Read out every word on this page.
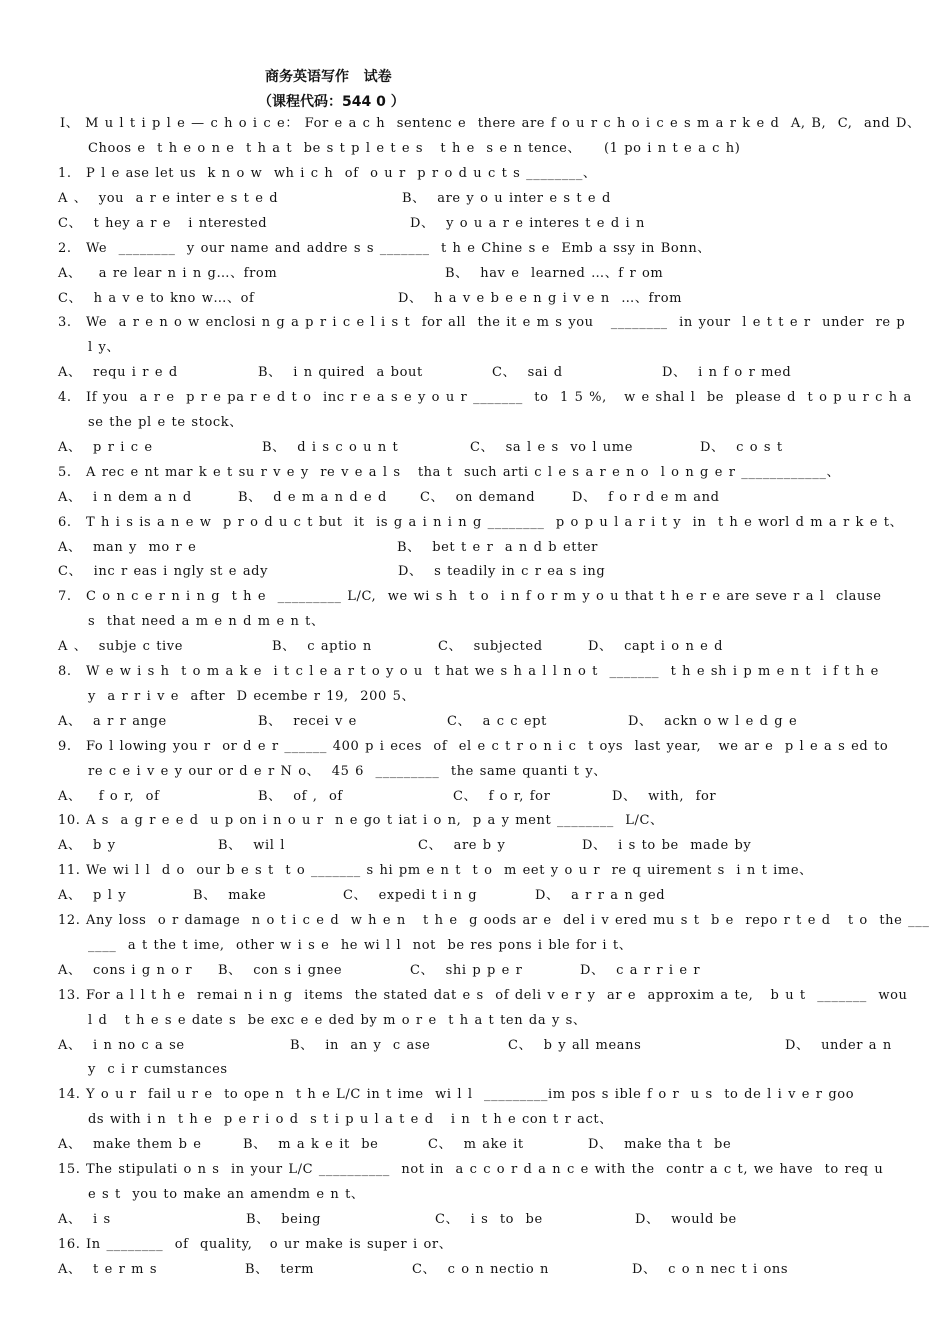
商务英语写作   试卷
（课程代码：544 0 ）
I、 M u l t i p l e — c h o i c e： For e a c h  sentenc e  there are f o u r c h o i c e s m a r k e d  A, B,  C,  and D、
Choos e  t h e o n e  t h a t  be s t p l e t e s   t h e  s e n tence、    (1 po i n t e a c h)
P l e ase let us  k n o w  wh i c h  of  o u r  p r o d u c t s ________、
1.
A 、  you  a r e inter e s t e d	B、  are y o u inter e s t e d
C、  t hey a r e   i nterested	D、  y o u a r e interes t e d i n
We  ________  y our name and addre s s _______  t h e Chine s e  Emb a ssy in Bonn、
2.
A、   a re lear n i n g…、from	B、  hav e  learned …、f r om
C、  h a v e to kno w…、of	D、  h a v e b e e n g i v e n  …、from
We  a r e n o w enclosi n g a p r i c e l i s t  for all  the it e m s you   ________  in your  l e t t e r  under  re p
3.
l y、
A、  requ i r e d	B、  i n quired  a bout	C、  sai d	D、  i n f o r med
If you  a r e  p r e pa r e d t o  inc r e a s e y o u r _______  to  1 5 %,   w e shal l  be  please d  t o p u r c h a
4.
se the pl e te stock、
A、  p r i c e	B、  d i s c o u n t	C、  sa l e s  vo l ume	D、  c o s t
A rec e nt mar k e t su r v e y  re v e a l s   tha t  such arti c l e s a r e n o  l o n g e r ____________、
5.
A、  i n dem a n d	B、  d e m a n d e d	C、  on demand	D、  f o r d e m and
T h i s is a n e w  p r o d u c t but  it  is g a i n i n g ________  p o p u l a r i t y  in  t h e worl d m a r k e t、
6.
A、  man y  mo r e	B、  bet t e r  a n d b etter
C、  inc r eas i ngly st e ady	D、  s teadily in c r ea s ing
C o n c e r n i n g  t h e  _________ L/C,  we wi s h  t o  i n f o r m y o u that t h e r e are seve r a l  clause
7.
s  that need a m e n d m e n t、
A 、  subje c tive	B、  c aptio n	C、  subjected	D、  capt i o n e d
W e w i s h  t o m a k e  i t c l e a r t o y o u  t hat we s h a l l n o t  _______  t h e sh i p m e n t  i f t h e
8.
y  a r r i v e  after  D ecembe r 19,  200 5、
A、  a r r ange	B、  recei v e	C、  a c c ept	D、  ackn o w l e d g e
Fo l lowing you r  or d e r ______ 400 p i eces  of  el e c t r o n i c  t oys  last year,   we ar e  p l e a s ed to
9.
re c e i v e y our or d e r N o、  45 6  _________  the same quanti t y、
A、   f o r,  of	B、  of ,  of	C、  f o r, for	D、  with,  for
A s  a g r e e d  u p on i n o u r  n e go t iat i o n,  p a y ment ________  L/C、
10.
A、  b y	B、  wil l	C、  are b y	D、  i s to be  made by
We wi l l  d o  our b e s t  t o _______ s hi pm e n t  t o  m eet y o u r  re q uirement s  i n t ime、
11.
A、  p l y	B、  make	C、  expedi t i n g	D、  a r r a n ged
Any loss  o r damage  n o t i c e d  w h e n   t h e  g oods ar e  del i v ered mu s t  b e  repo r t e d   t o  the ___
12.
____  a t the t ime,  other w i s e  he wi l l  not  be res pons i ble for i t、
A、  cons i g n o r B、  con s i gnee	C、  shi p p e r	D、  c a r r i e r
For a l l t h e  remai n i n g  items  the stated dat e s  of deli v e r y  ar e  approxim a te,   b u t  _______  wou
13.
l d   t h e s e date s  be exc e e ded by m o r e  t h a t ten da y s、
A、  i n no c a se	B、  in  an y  c ase	C、  b y all means	D、  under a n
y  c i r cumstances
Y o u r  fail u r e  to ope n  t h e L/C in t ime  wi l l  _________im pos s ible f o r  u s  to de l i v e r goo
14.
ds with i n  t h e  p e r i o d  s t i p u l a t e d   i n  t h e con t r act、
A、  make them b e	B、  m a k e it  be	C、  m ake it	D、  make tha t  be
The stipulati o n s  in your L/C __________  not in  a c c o r d a n c e with the  contr a c t, we have  to req u
15.
e s t  you to make an amendm e n t、
A、  i s	B、  being	C、  i s  to  be	D、  would be
In ________  of  quality,   o ur make is super i or、
16.
A、  t e r m s	B、  term	C、  c o n nectio n	D、  c o n nec t i ons
